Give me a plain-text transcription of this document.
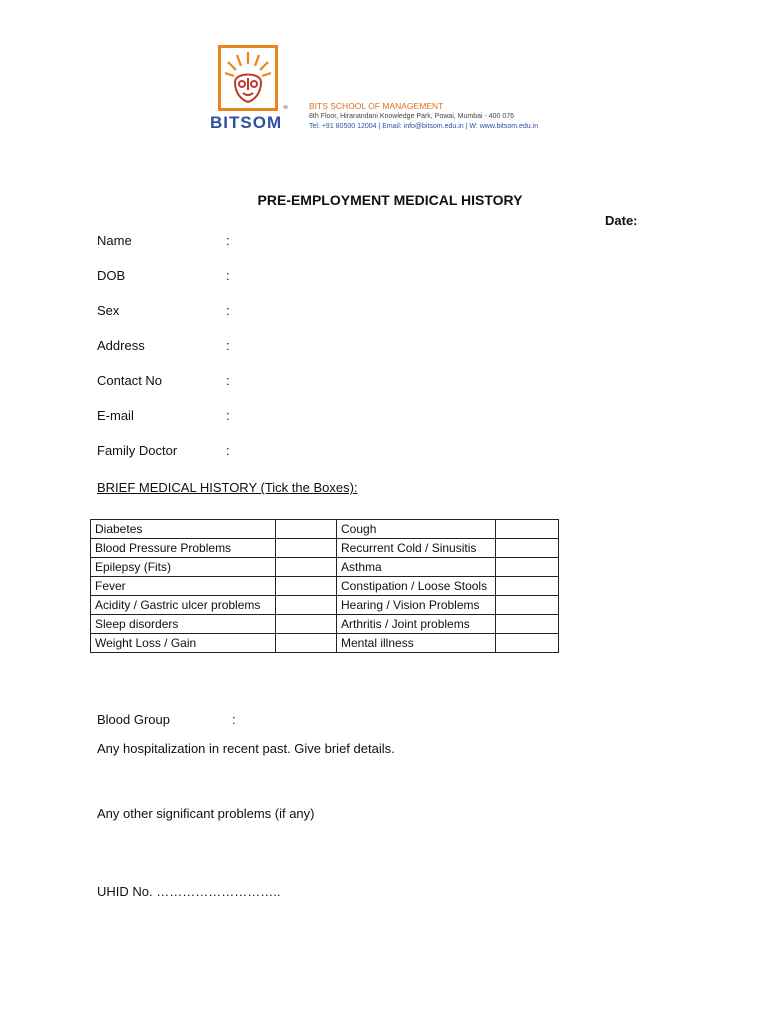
BITSOM
®	BITS SCHOOL OF MANAGEMENT
8th Floor, Hiranandani Knowledge Park, Powai, Mumbai - 400 076
Tel: +91 80500 12004 | Email: info@bitsom.edu.in | W: www.bitsom.edu.in
PRE-EMPLOYMENT MEDICAL HISTORY
Date:
Name	:
DOB	:
Sex	:
Address	:
Contact No	:
E-mail	:
Family Doctor	:
BRIEF MEDICAL HISTORY (Tick the Boxes):
Diabetes		Cough	
Blood Pressure Problems		Recurrent Cold / Sinusitis	
Epilepsy (Fits)		Asthma	
Fever		Constipation / Loose Stools	
Acidity / Gastric ulcer problems		Hearing / Vision Problems	
Sleep disorders		Arthritis / Joint problems	
Weight Loss / Gain		Mental illness	
Blood Group	:
Any hospitalization in recent past. Give brief details.
Any other significant problems (if any)
UHID No. ………………………..
